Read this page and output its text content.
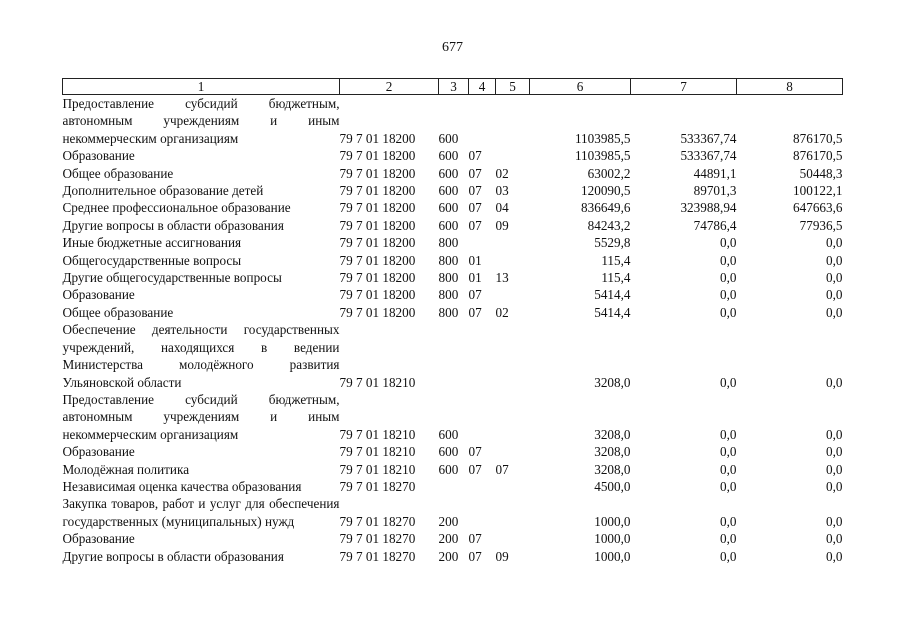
677
1	2	3	4	5	6	7	8
Предоставление субсидий бюджетным, автономным учреждениям и иным некоммерческим организациям	79 7 01 18200	600			1103985,5	533367,74	876170,5
Образование	79 7 01 18200	600	07		1103985,5	533367,74	876170,5
Общее образование	79 7 01 18200	600	07	02	63002,2	44891,1	50448,3
Дополнительное образование детей	79 7 01 18200	600	07	03	120090,5	89701,3	100122,1
Среднее профессиональное образование	79 7 01 18200	600	07	04	836649,6	323988,94	647663,6
Другие вопросы в области образования	79 7 01 18200	600	07	09	84243,2	74786,4	77936,5
Иные бюджетные ассигнования	79 7 01 18200	800			5529,8	0,0	0,0
Общегосударственные вопросы	79 7 01 18200	800	01		115,4	0,0	0,0
Другие общегосударственные вопросы	79 7 01 18200	800	01	13	115,4	0,0	0,0
Образование	79 7 01 18200	800	07		5414,4	0,0	0,0
Общее образование	79 7 01 18200	800	07	02	5414,4	0,0	0,0
Обеспечение деятельности государственных учреждений, находящихся в ведении Министерства молодёжного развития Ульяновской области	79 7 01 18210				3208,0	0,0	0,0
Предоставление субсидий бюджетным, автономным учреждениям и иным некоммерческим организациям	79 7 01 18210	600			3208,0	0,0	0,0
Образование	79 7 01 18210	600	07		3208,0	0,0	0,0
Молодёжная политика	79 7 01 18210	600	07	07	3208,0	0,0	0,0
Независимая оценка качества образования	79 7 01 18270				4500,0	0,0	0,0
Закупка товаров, работ и услуг для обеспечения государственных (муниципальных) нужд	79 7 01 18270	200			1000,0	0,0	0,0
Образование	79 7 01 18270	200	07		1000,0	0,0	0,0
Другие вопросы в области образования	79 7 01 18270	200	07	09	1000,0	0,0	0,0
